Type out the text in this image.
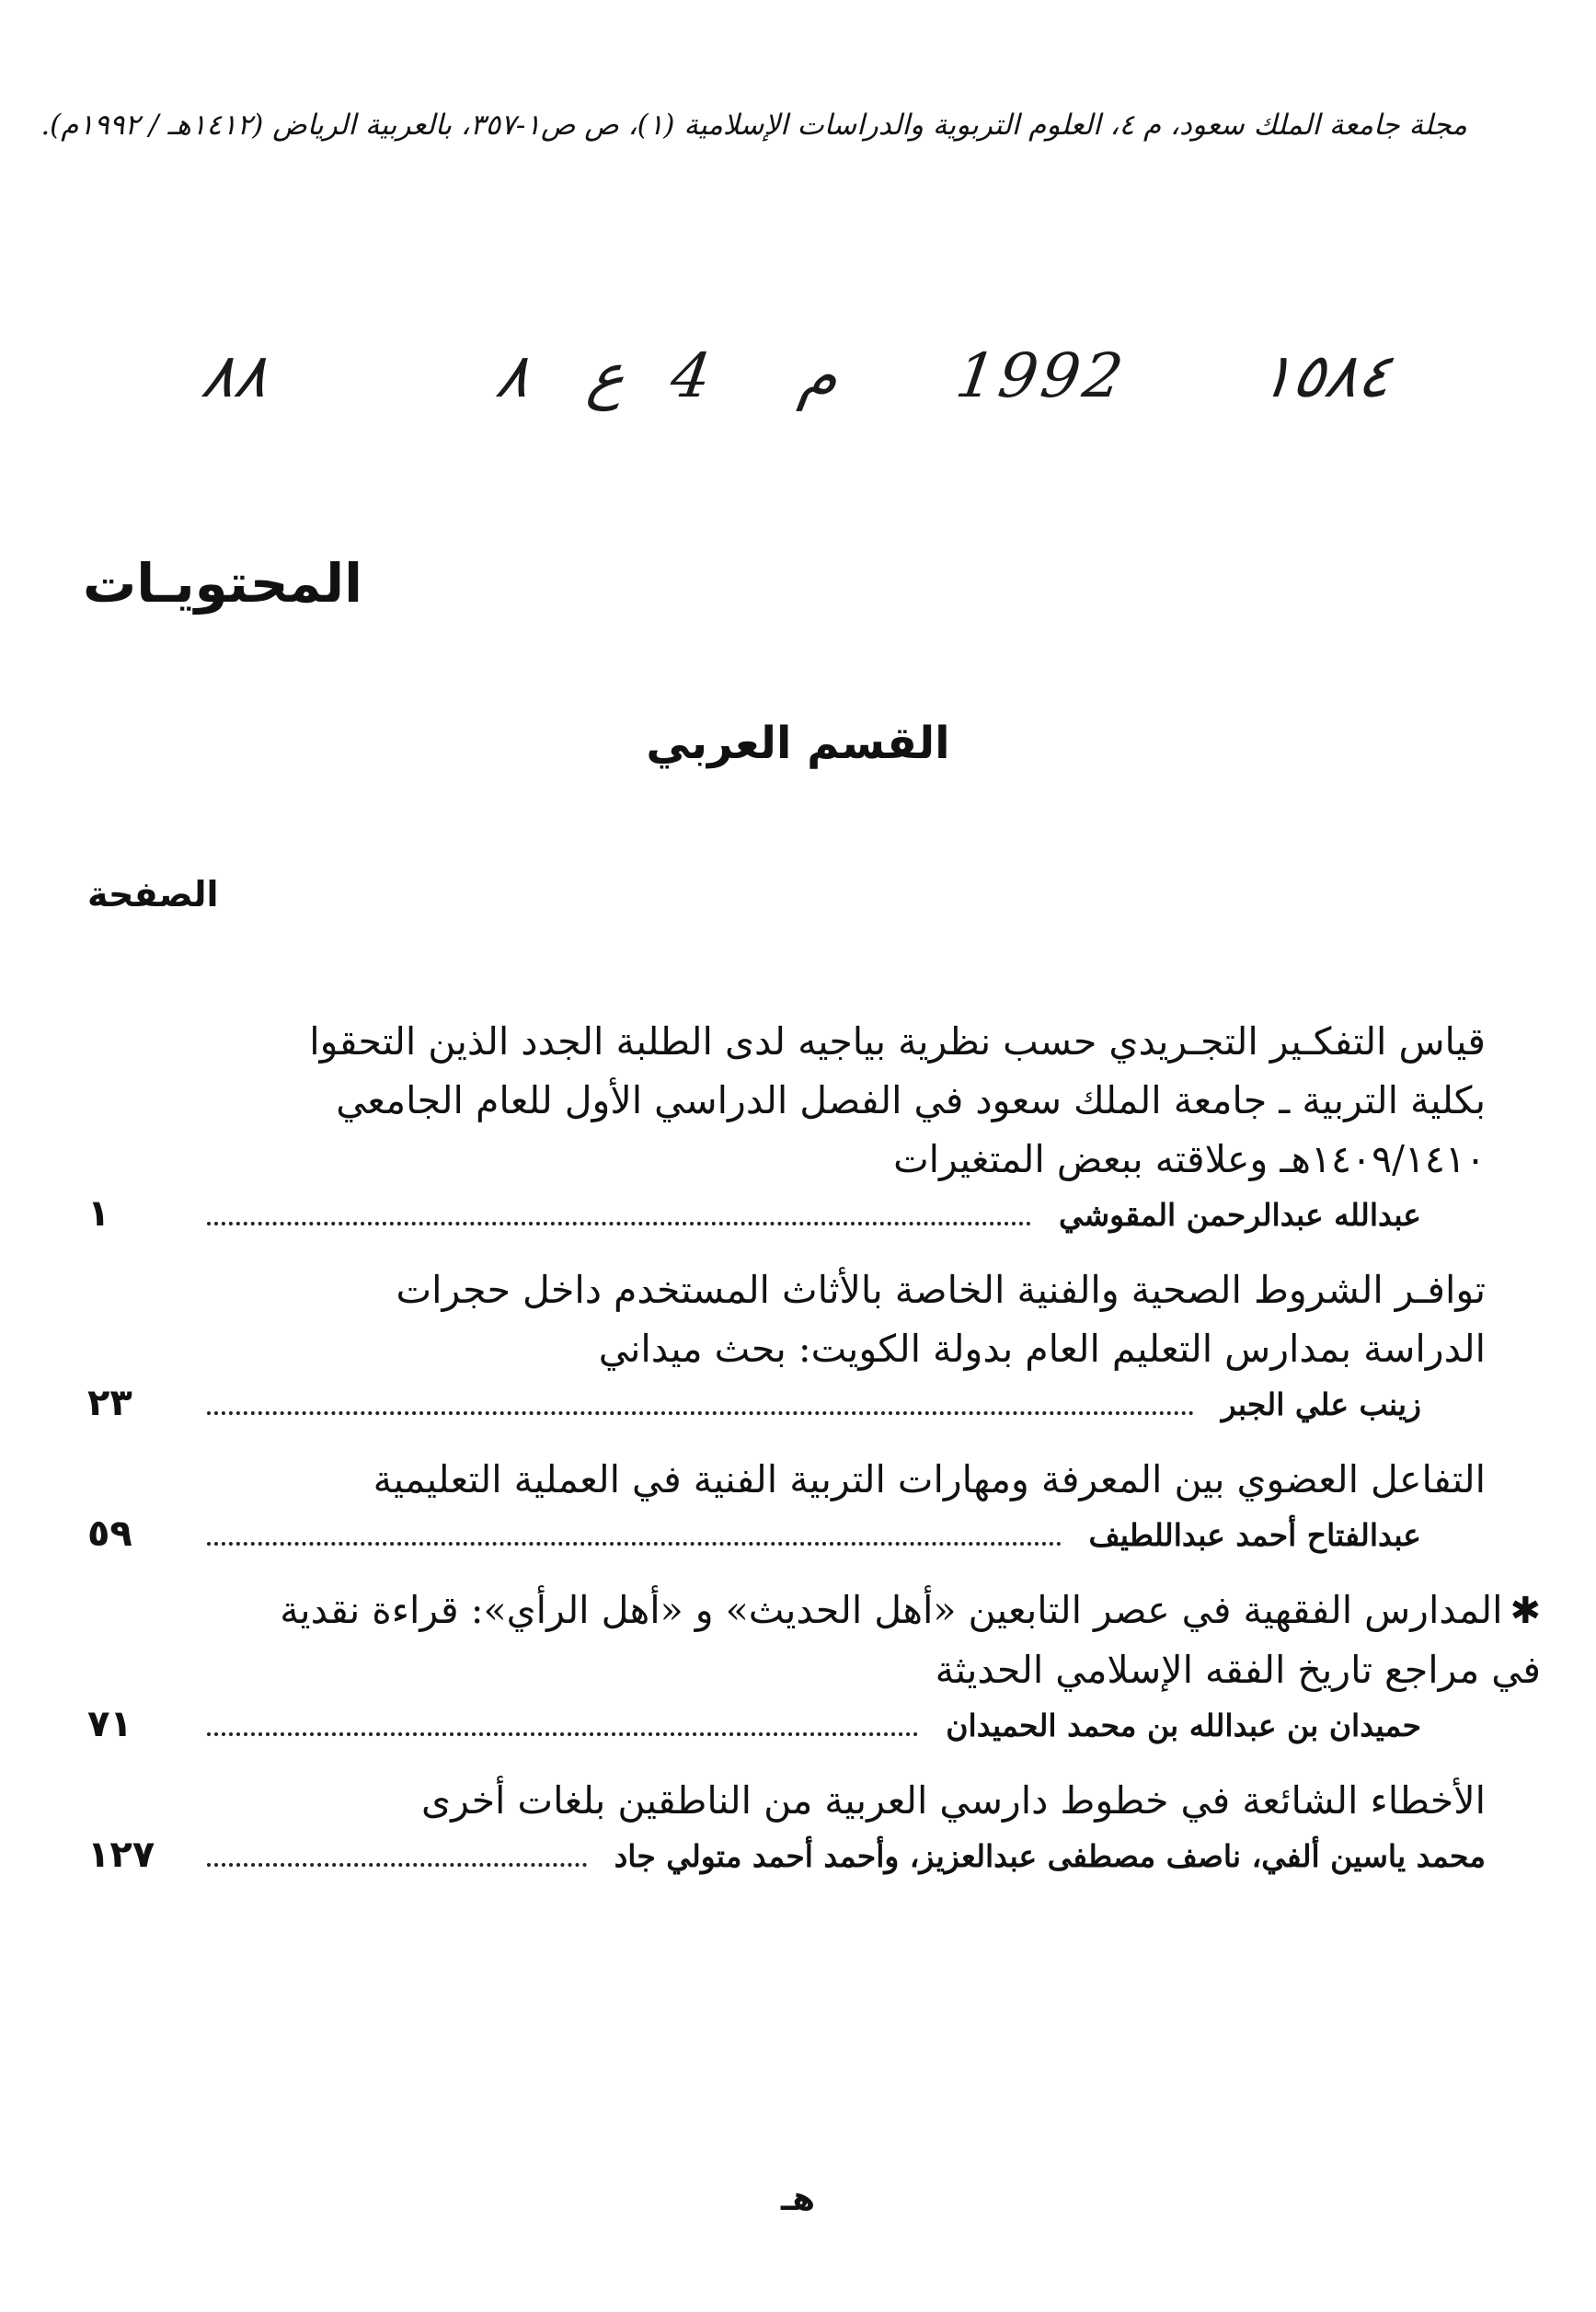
مجلة جامعة الملك سعود، م ٤، العلوم التربوية والدراسات الإسلامية (١)، ص ص١-٣٥٧، بالعربية الرياض (١٤١٢هـ / ١٩٩٢م).
١٥٨٤
1992
م
4
ع
٨
٨٨
المحتويـات
القسم العربي
الصفحة
قياس التفكـير التجـريدي حسب نظرية بياجيه لدى الطلبة الجدد الذين التحقوا بكلية التربية ـ جامعة الملك سعود في الفصل الدراسي الأول للعام الجامعي ١٤٠٩/١٤١٠هـ وعلاقته ببعض المتغيرات
عبدالله عبدالرحمن المقوشي
١
توافـر الشروط الصحية والفنية الخاصة بالأثاث المستخدم داخل حجرات الدراسة بمدارس التعليم العام بدولة الكويت: بحث ميداني
زينب علي الجبر
٢٣
التفاعل العضوي بين المعرفة ومهارات التربية الفنية في العملية التعليمية
عبدالفتاح أحمد عبداللطيف
٥٩
✱المدارس الفقهية في عصر التابعين «أهل الحديث» و «أهل الرأي»: قراءة نقدية في مراجع تاريخ الفقه الإسلامي الحديثة
حميدان بن عبدالله بن محمد الحميدان
٧١
الأخطاء الشائعة في خطوط دارسي العربية من الناطقين بلغات أخرى
محمد ياسين ألفي، ناصف مصطفى عبدالعزيز، وأحمد أحمد متولي جاد
١٢٧
هـ
